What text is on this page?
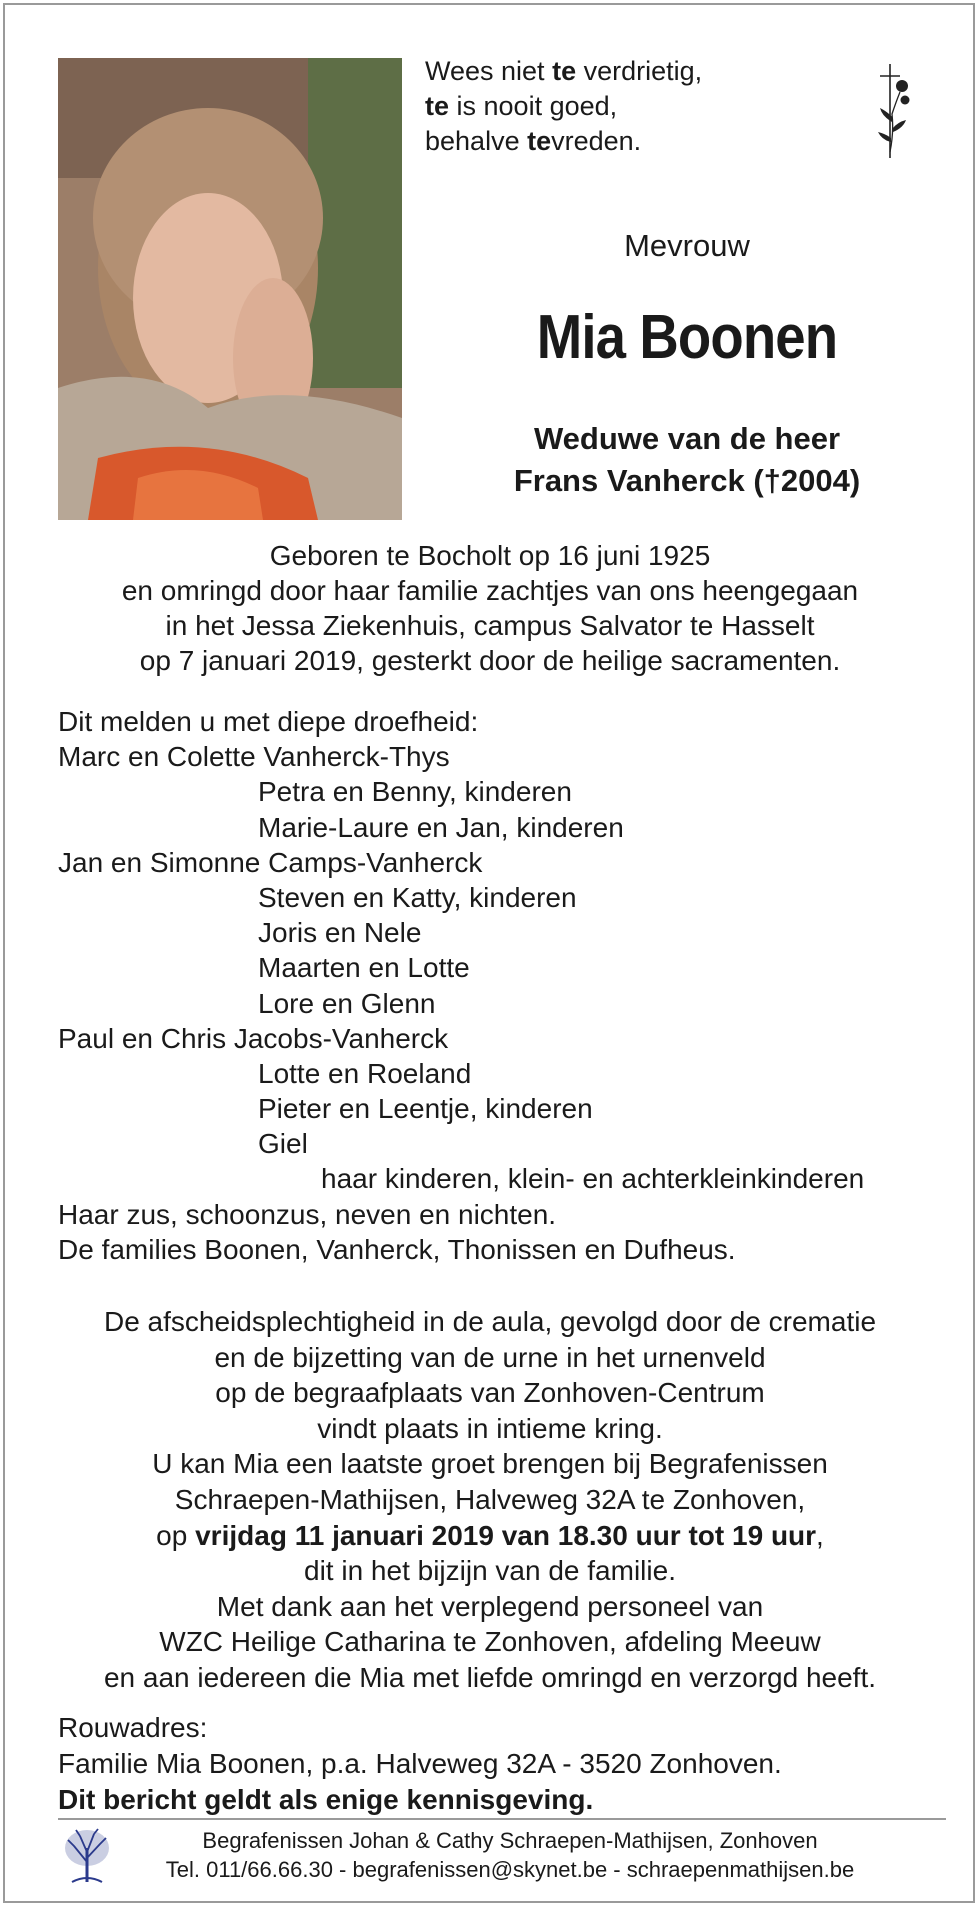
Wees niet te verdrietig,
te is nooit goed,
behalve tevreden.
Mevrouw
Mia Boonen
Weduwe van de heer
Frans Vanherck (†2004)
Geboren te Bocholt op 16 juni 1925
en omringd door haar familie zachtjes van ons heengegaan
in het Jessa Ziekenhuis, campus Salvator te Hasselt
op 7 januari 2019, gesterkt door de heilige sacramenten.
Dit melden u met diepe droefheid:
Marc en Colette Vanherck-Thys
Petra en Benny, kinderen
Marie-Laure en Jan, kinderen
Jan en Simonne Camps-Vanherck
Steven en Katty, kinderen
Joris en Nele
Maarten en Lotte
Lore en Glenn
Paul en Chris Jacobs-Vanherck
Lotte en Roeland
Pieter en Leentje, kinderen
Giel
haar kinderen, klein- en achterkleinkinderen
Haar zus, schoonzus, neven en nichten.
De families Boonen, Vanherck, Thonissen en Dufheus.
De afscheidsplechtigheid in de aula, gevolgd door de crematie
en de bijzetting van de urne in het urnenveld
op de begraafplaats van Zonhoven-Centrum
vindt plaats in intieme kring.
U kan Mia een laatste groet brengen bij Begrafenissen
Schraepen-Mathijsen, Halveweg 32A te Zonhoven,
op vrijdag 11 januari 2019 van 18.30 uur tot 19 uur,
dit in het bijzijn van de familie.
Met dank aan het verplegend personeel van
WZC Heilige Catharina te Zonhoven, afdeling Meeuw
en aan iedereen die Mia met liefde omringd en verzorgd heeft.
Rouwadres:
Familie Mia Boonen, p.a. Halveweg 32A - 3520 Zonhoven.
Dit bericht geldt als enige kennisgeving.
Begrafenissen Johan & Cathy Schraepen-Mathijsen, Zonhoven
Tel. 011/66.66.30 - begrafenissen@skynet.be - schraepenmathijsen.be
